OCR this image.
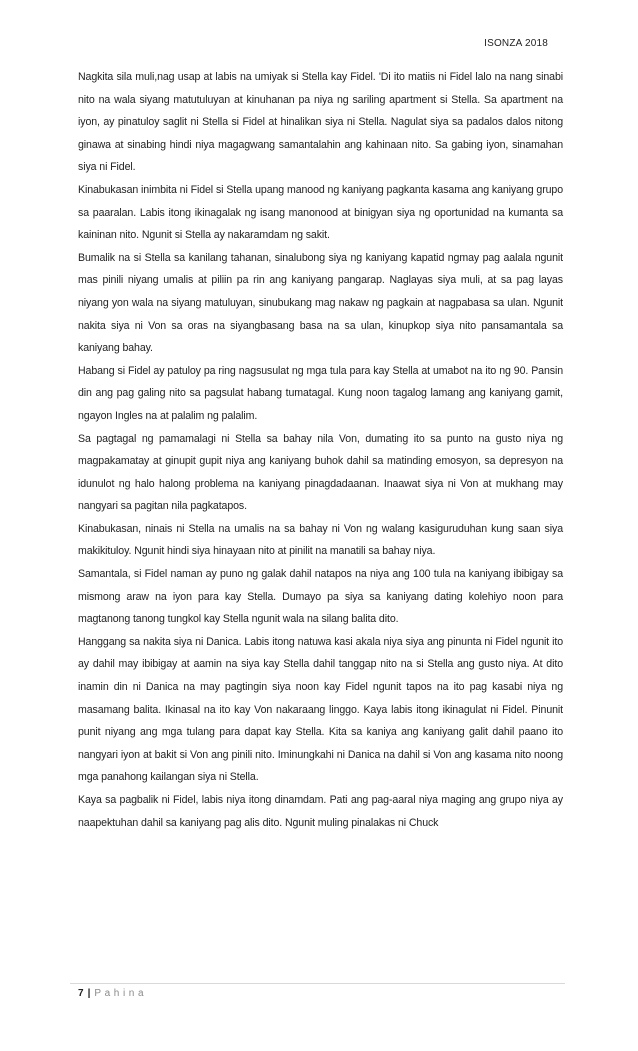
ISONZA 2018

Nagkita sila muli,nag usap at labis na umiyak si Stella kay Fidel. 'Di ito matiis ni Fidel lalo na nang sinabi nito na wala siyang matutuluyan at kinuhanan pa niya ng sariling apartment si Stella. Sa apartment na iyon, ay pinatuloy saglit ni Stella si Fidel at hinalikan siya ni Stella. Nagulat siya sa padalos dalos nitong ginawa at sinabing hindi niya magagwang samantalahin ang kahinaan nito. Sa gabing iyon, sinamahan siya ni Fidel.

Kinabukasan inimbita ni Fidel si Stella upang manood ng kaniyang pagkanta kasama ang kaniyang grupo sa paaralan. Labis itong ikinagalak ng isang manonood at binigyan siya ng oportunidad na kumanta sa kaininan nito. Ngunit si Stella ay nakaramdam ng sakit.

Bumalik na si Stella sa kanilang tahanan, sinalubong siya ng kaniyang kapatid ngmay pag aalala ngunit mas pinili niyang umalis at piliin pa rin ang kaniyang pangarap. Naglayas siya muli, at sa pag layas niyang yon wala na siyang matuluyan, sinubukang mag nakaw ng pagkain at nagpabasa sa ulan. Ngunit nakita siya ni Von sa oras na siyangbasang basa na sa ulan, kinupkop siya nito pansamantala sa kaniyang bahay.

Habang si Fidel ay patuloy pa ring nagsusulat ng mga tula para kay Stella at umabot na ito ng 90. Pansin din ang pag galing nito sa pagsulat habang tumatagal. Kung noon tagalog lamang ang kaniyang gamit, ngayon Ingles na at palalim ng palalim.

Sa pagtagal ng pamamalagi ni Stella sa bahay nila Von, dumating ito sa punto na gusto niya ng magpakamatay at ginupit gupit niya ang kaniyang buhok dahil sa matinding emosyon, sa depresyon na idunulot ng halo halong problema na kaniyang pinagdadaanan. Inaawat siya ni Von at mukhang may nangyari sa pagitan nila pagkatapos.

Kinabukasan, ninais ni Stella na umalis na sa bahay ni Von ng walang kasiguruduhan kung saan siya makikituloy. Ngunit hindi siya hinayaan nito at pinilit na manatili sa bahay niya.

Samantala, si Fidel naman ay puno ng galak dahil natapos na niya ang 100 tula na kaniyang ibibigay sa mismong araw na iyon para kay Stella. Dumayo pa siya sa kaniyang dating kolehiyo noon para magtanong tanong tungkol kay Stella ngunit wala na silang balita dito.

Hanggang sa nakita siya ni Danica. Labis itong natuwa kasi akala niya siya ang pinunta ni Fidel ngunit ito ay dahil may ibibigay at aamin na siya kay Stella dahil tanggap nito na si Stella ang gusto niya. At dito inamin din ni Danica na may pagtingin siya noon kay Fidel ngunit tapos na ito pag kasabi niya ng masamang balita. Ikinasal na ito kay Von nakaraang linggo. Kaya labis itong ikinagulat ni Fidel. Pinunit punit niyang ang mga tulang para dapat kay Stella. Kita sa kaniya ang kaniyang galit dahil paano ito nangyari iyon at bakit si Von ang pinili nito. Iminungkahi ni Danica na dahil si Von ang kasama nito noong mga panahong kailangan siya ni Stella.

Kaya sa pagbalik ni Fidel, labis niya itong dinamdam. Pati ang pag-aaral niya maging ang grupo niya ay naapektuhan dahil sa kaniyang pag alis dito. Ngunit muling pinalakas ni Chuck

7 | Pahina
